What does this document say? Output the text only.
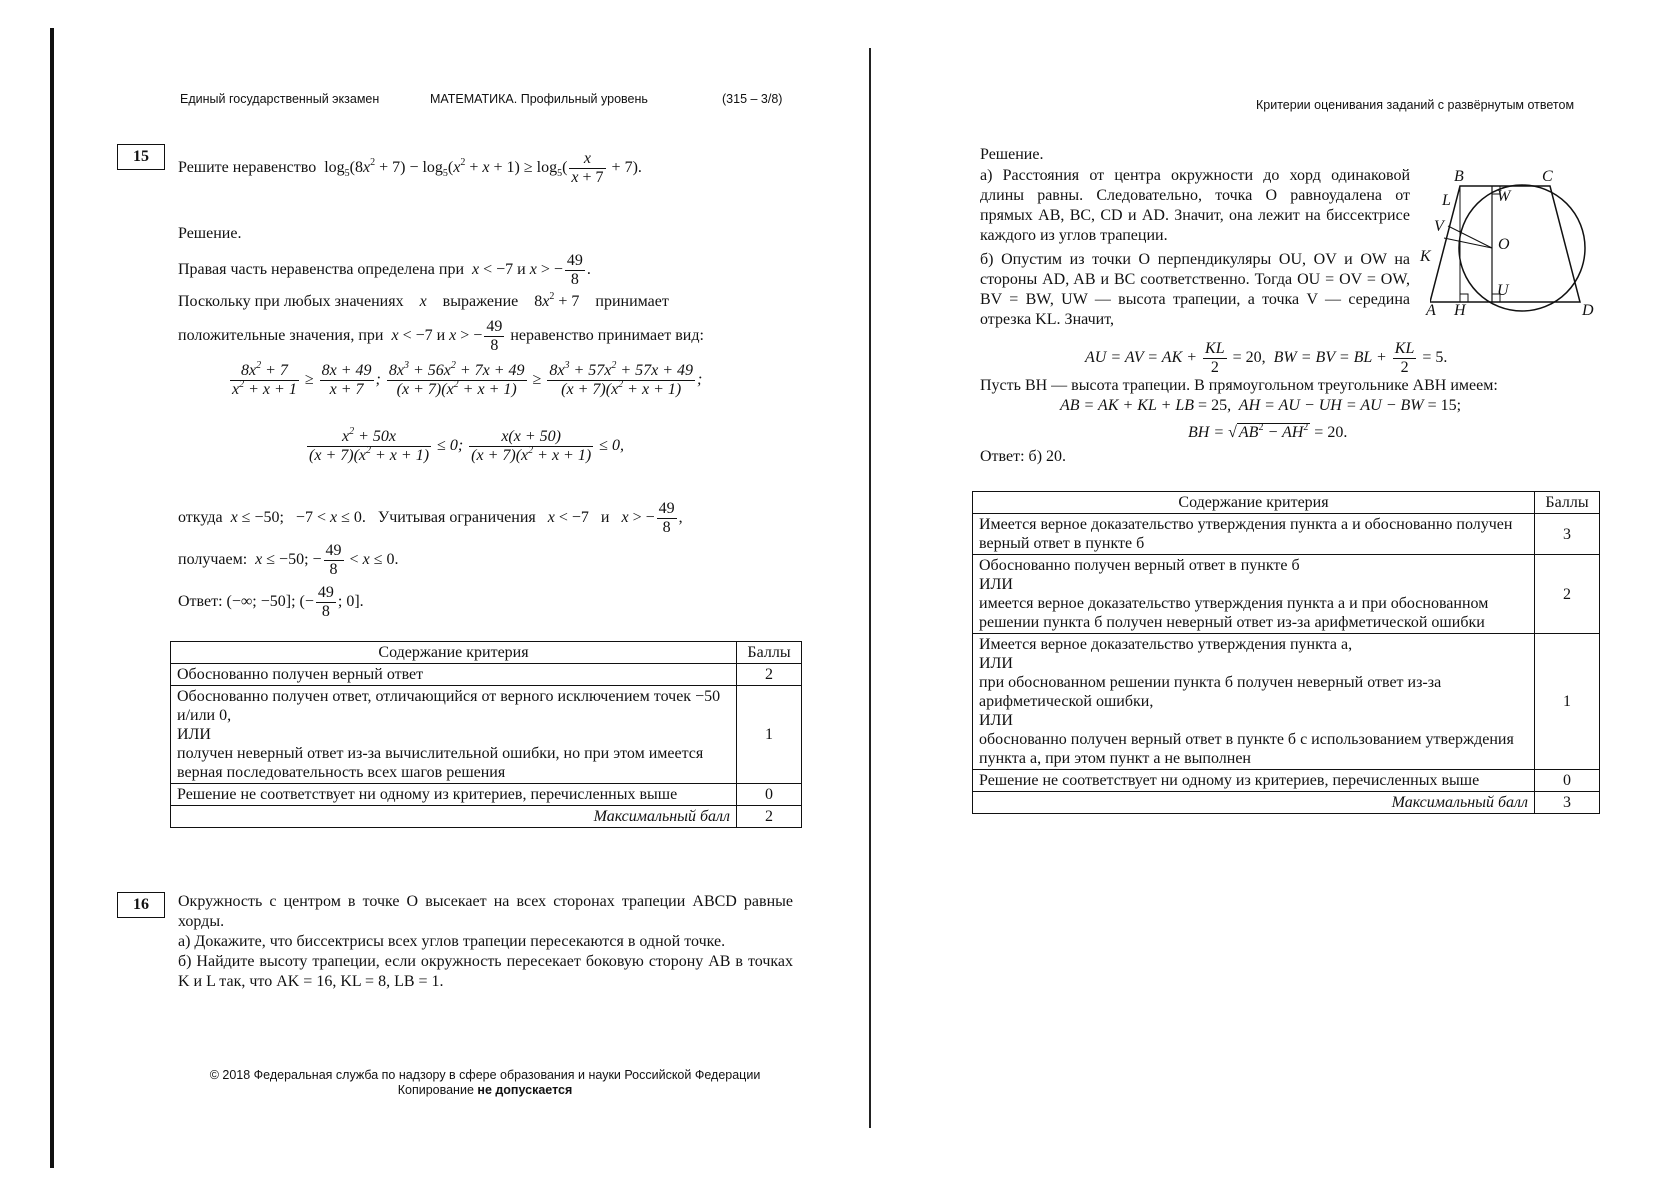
Единый государственный экзамен	МАТЕМАТИКА. Профильный уровень	(315 – 3/8)
15
Решите неравенство  $\log_5(8x^2 + 7) - \log_5(x^2 + x + 1) \ge \log_5( \frac{x}{x + 7} + 7)$.
Решение.
Правая часть неравенства определена при  x < −7 и x > − $\frac{49}{8}$ .
Поскольку при любых значениях x выражение    $8x^2 + 7$    принимает
положительные значения, при  x < −7 и x > − $\frac{49}{8}$ неравенство принимает вид:
$\frac{8x^2 + 7}{x^2 + x + 1} \ge \frac{8x + 49}{x + 7}$ ; $\frac{8x^3 + 56x^2 + 7x + 49}{(x + 7)(x^2 + x + 1)} \ge \frac{8x^3 + 57x^2 + 57x + 49}{(x + 7)(x^2 + x + 1)}$ ;
$\frac{x^2 + 50x}{(x + 7)(x^2 + x + 1)} \le 0$; $\frac{x(x + 50)}{(x + 7)(x^2 + x + 1)} \le 0$,
откуда  x ≤ −50;   −7 < x ≤ 0.   Учитывая ограничения x < −7   и   x > − $\frac{49}{8}$ ,
получаем:  x ≤ −50; − $\frac{49}{8} < x \le 0$.
Ответ: (−∞; −50]; (− $\frac{49}{8}$ ; 0].
Содержание критерия	Баллы
Обоснованно получен верный ответ	2

Обоснованно получен ответ, отличающийся от верного исключением точек −50 и/или 0,
ИЛИ
получен неверный ответ из-за вычислительной ошибки, но при этом имеется верная последовательность всех шагов решения	1
Решение не соответствует ни одному из критериев, перечисленных выше	0
Максимальный балл	2
16	Окружность с центром в точке O высекает на всех сторонах трапеции ABCD равные хорды.
а) Докажите, что биссектрисы всех углов трапеции пересекаются в одной точке.
б) Найдите высоту трапеции, если окружность пересекает боковую сторону AB в точках K и L так, что AK = 16, KL = 8, LB = 1.
© 2018 Федеральная служба по надзору в сфере образования и науки Российской Федерации
Копирование не допускается
Критерии оценивания заданий с развёрнутым ответом
Решение.
а) Расстояния от центра окружности до хорд одинаковой длины равны. Следовательно, точка O равноудалена от прямых AB, BC, CD и AD. Значит, она лежит на биссектрисе каждого из углов трапеции.
б) Опустим из точки O перпендикуляры OU, OV и OW на стороны AD, AB и BC соответственно. Тогда OU = OV = OW, BV = BW, UW — высота трапеции, а точка V — середина отрезка KL. Значит,
B	C
L	W
V
O
K
U
A H	D
AU = AV = AK + $\frac{KL}{2} = 20$,  BW = BV = BL + $\frac{KL}{2} = 5$.
Пусть BH — высота трапеции. В прямоугольном треугольнике ABH имеем:
AB = AK + KL + LB = 25,  AH = AU − UH = AU − BW = 15;
BH = √ $AB^2 - AH^2 = 20$.
Ответ: б) 20.
Содержание критерия	Баллы
Имеется верное доказательство утверждения пункта а и обоснованно получен верный ответ в пункте б	3

Обоснованно получен верный ответ в пункте б
ИЛИ
имеется верное доказательство утверждения пункта а и при обоснованном решении пункта б получен неверный ответ из-за арифметической ошибки	2

Имеется верное доказательство утверждения пункта а,
ИЛИ
при обоснованном решении пункта б получен неверный ответ из-за арифметической ошибки,
ИЛИ
обоснованно получен верный ответ в пункте б с использованием утверждения пункта а, при этом пункт а не выполнен	1
Решение не соответствует ни одному из критериев, перечисленных выше	0
Максимальный балл	3
